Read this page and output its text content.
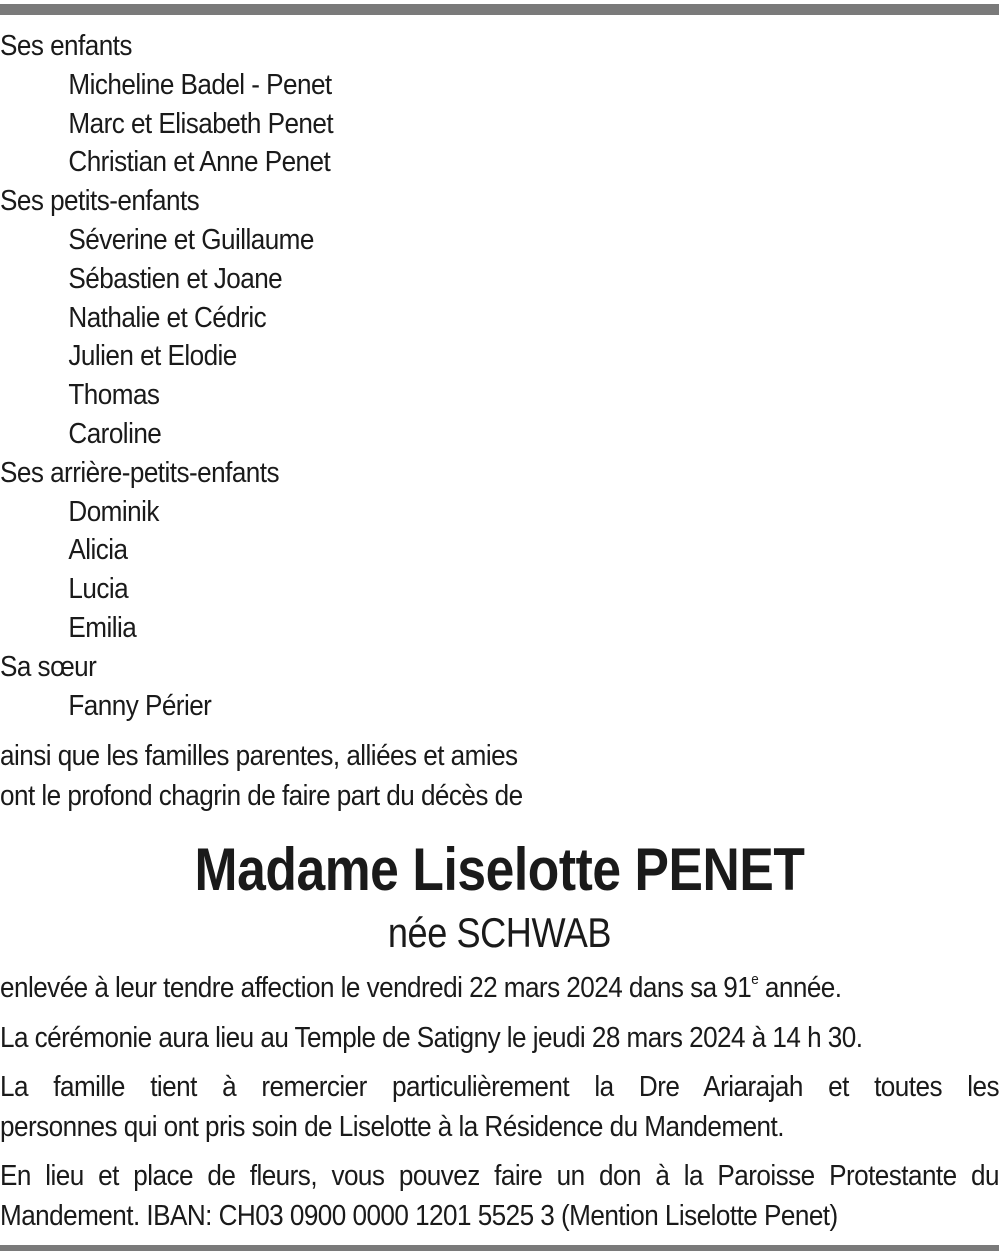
Ses enfants
Micheline Badel - Penet
Marc et Elisabeth Penet
Christian et Anne Penet
Ses petits-enfants
Séverine et Guillaume
Sébastien et Joane
Nathalie et Cédric
Julien et Elodie
Thomas
Caroline
Ses arrière-petits-enfants
Dominik
Alicia
Lucia
Emilia
Sa sœur
Fanny Périer
ainsi que les familles parentes, alliées et amies
ont le profond chagrin de faire part du décès de
Madame Liselotte PENET
née SCHWAB

enlevée à leur tendre affection le vendredi 22 mars 2024 dans sa 91e année.

La cérémonie aura lieu au Temple de Satigny le jeudi 28 mars 2024 à 14 h 30.

La famille tient à remercier particulièrement la Dre Ariarajah et toutes les
personnes qui ont pris soin de Liselotte à la Résidence du Mandement.

En lieu et place de fleurs, vous pouvez faire un don à la Paroisse Protestante du
Mandement. IBAN: CH03 0900 0000 1201 5525 3 (Mention Liselotte Penet)
